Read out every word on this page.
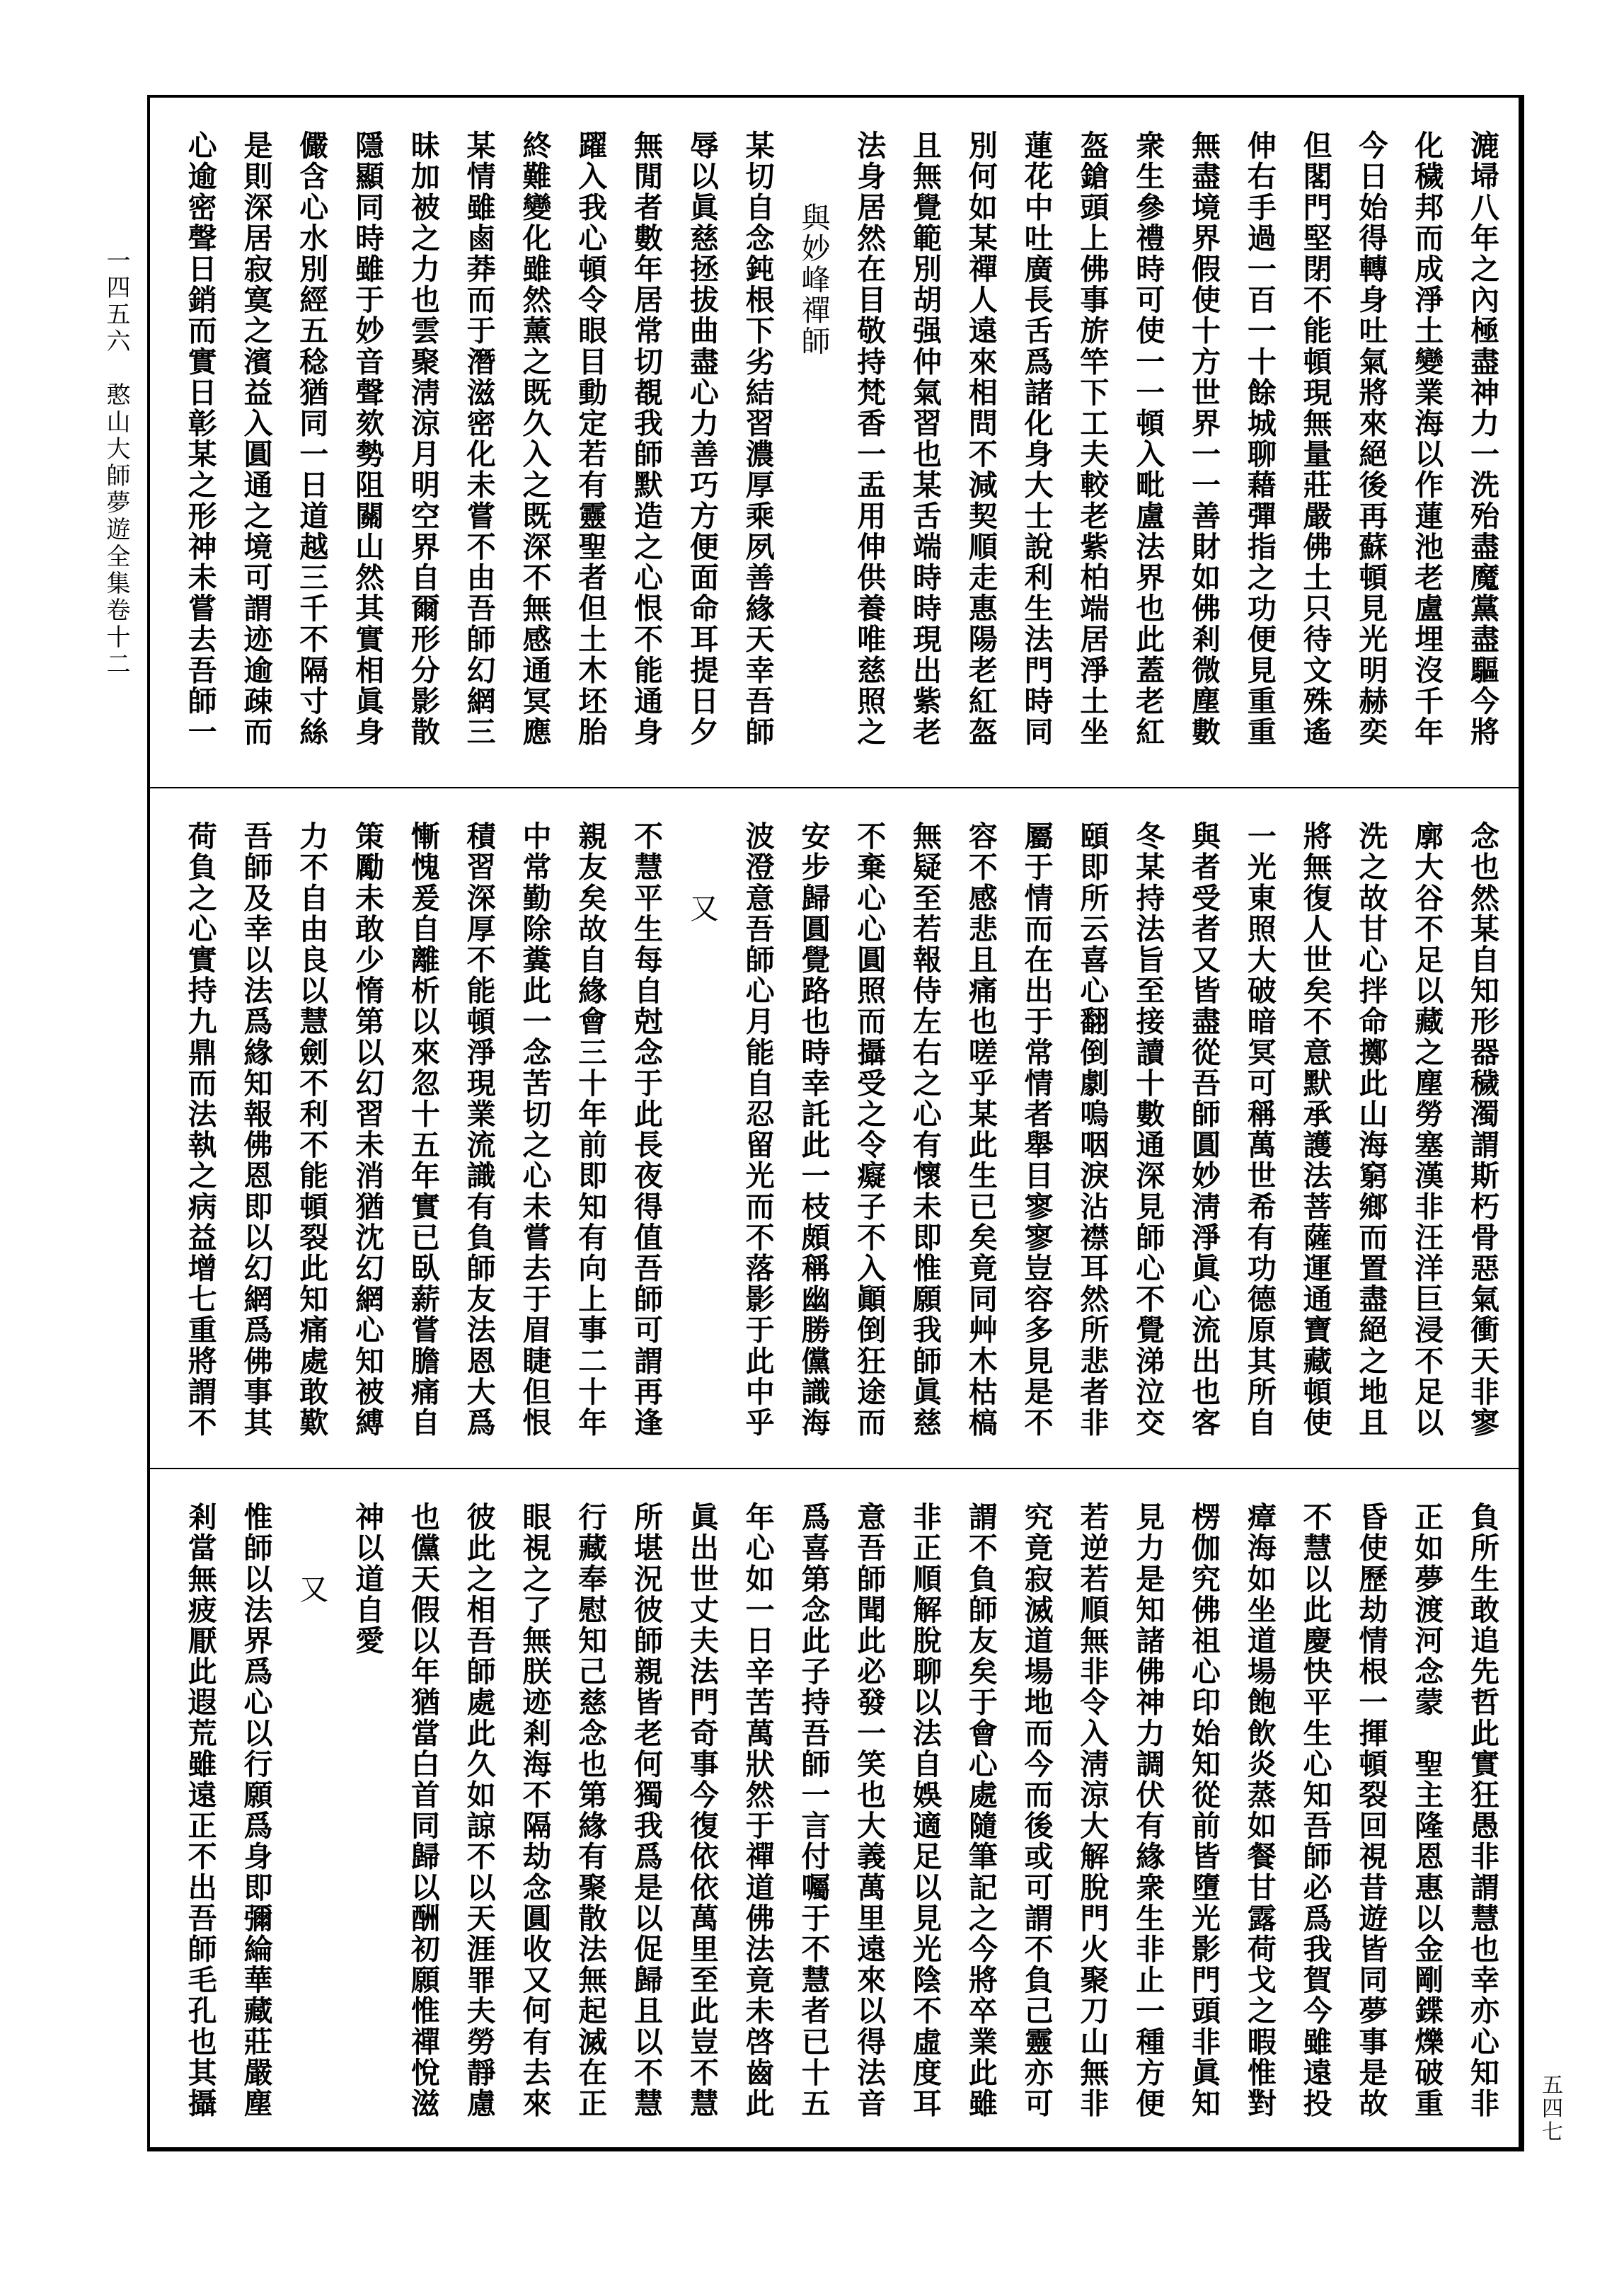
一四五六　憨山大師夢遊全集卷十二
五四七
漉埽八年之內極盡神力一洗殆盡魔黨盡驅今將
化穢邦而成淨土變業海以作蓮池老盧埋沒千年
今日始得轉身吐氣將來絕後再蘇頓見光明赫奕
但閣門堅閉不能頓現無量莊嚴佛土只待文殊遙
伸右手過一百一十餘城聊藉彈指之功便見重重
無盡境界假使十方世界一一善財如佛剎微塵數
衆生參禮時可使一一頓入毗盧法界也此蓋老紅
盔鎗頭上佛事旂竿下工夫較老紫柏端居淨土坐
蓮花中吐廣長舌爲諸化身大士說利生法門時同
別何如某禪人遠來相問不減契順走惠陽老紅盔
且無覺範別胡强仲氣習也某舌端時時現出紫老
法身居然在目敬持梵香一盂用伸供養唯慈照之
與妙峰禪師
某切自念鈍根下劣結習濃厚乘夙善緣天幸吾師
辱以眞慈拯拔曲盡心力善巧方便面命耳提日夕
無閒者數年居常切覩我師默造之心恨不能通身
躍入我心頓令眼目動定若有靈聖者但土木坯胎
終難變化雖然薰之既久入之既深不無感通冥應
某情雖鹵莽而于潛滋密化未嘗不由吾師幻網三
昧加被之力也雲聚淸涼月明空界自爾形分影散
隱顯同時雖于妙音聲欬勢阻關山然其實相眞身
儼含心水別經五稔猶同一日道越三千不隔寸絲
是則深居寂寞之濱益入圓通之境可謂迹逾疎而
心逾密聲日銷而實日彰某之形神未嘗去吾師一
念也然某自知形器穢濁謂斯朽骨惡氣衝天非寥
廓大谷不足以藏之塵勞塞漢非汪洋巨浸不足以
洗之故甘心拌命擲此山海窮鄉而置盡絕之地且
將無復人世矣不意默承護法菩薩運通寶藏頓使
一光東照大破暗冥可稱萬世希有功德原其所自
與者受者又皆盡從吾師圓妙淸淨眞心流出也客
冬某持法旨至接讀十數通深見師心不覺涕泣交
頤即所云喜心翻倒劇嗚咽淚沾襟耳然所悲者非
屬于情而在出于常情者舉目寥寥豈容多見是不
容不感悲且痛也嗟乎某此生已矣竟同艸木枯槁
無疑至若報侍左右之心有懷未即惟願我師眞慈
不棄心心圓照而攝受之令癡子不入顚倒狂途而
安步歸圓覺路也時幸託此一枝頗稱幽勝儻識海
波澄意吾師心月能自忍留光而不落影于此中乎
又
不慧平生每自尅念于此長夜得值吾師可謂再逢
親友矣故自緣會三十年前即知有向上事二十年
中常勤除糞此一念苦切之心未嘗去于眉睫但恨
積習深厚不能頓淨現業流識有負師友法恩大爲
慚愧爰自離析以來忽十五年實已臥薪嘗膽痛自
策勵未敢少惰第以幻習未消猶沈幻網心知被縛
力不自由良以慧劍不利不能頓裂此知痛處敢歎
吾師及幸以法爲緣知報佛恩即以幻網爲佛事其
荷負之心實持九鼎而法執之病益增七重將謂不
負所生敢追先哲此實狂愚非謂慧也幸亦心知非
正如夢渡河念蒙　聖主隆恩惠以金剛鍱爍破重
昏使歷劫情根一揮頓裂回視昔遊皆同夢事是故
不慧以此慶快平生心知吾師必爲我賀今雖遠投
瘴海如坐道場飽飲炎蒸如餐甘露荷戈之暇惟對
楞伽究佛祖心印始知從前皆墮光影門頭非眞知
見力是知諸佛神力調伏有緣衆生非止一種方便
若逆若順無非令入淸涼大解脫門火聚刀山無非
究竟寂滅道場地而今而後或可謂不負己靈亦可
謂不負師友矣于會心處隨筆記之今將卒業此雖
非正順解脫聊以法自娛適足以見光陰不虛度耳
意吾師聞此必發一笑也大義萬里遠來以得法音
爲喜第念此子持吾師一言付囑于不慧者已十五
年心如一日辛苦萬狀然于禪道佛法竟未啓齒此
眞出世丈夫法門奇事今復依依萬里至此豈不慧
所堪況彼師親皆老何獨我爲是以促歸且以不慧
行藏奉慰知己慈念也第緣有聚散法無起滅在正
眼視之了無朕迹剎海不隔劫念圓收又何有去來
彼此之相吾師處此久如諒不以天涯罪夫勞靜慮
也儻天假以年猶當白首同歸以酬初願惟禪悅滋
神以道自愛
又
惟師以法界爲心以行願爲身即彌綸華藏莊嚴塵
剎當無疲厭此遐荒雖遠正不出吾師毛孔也其攝
